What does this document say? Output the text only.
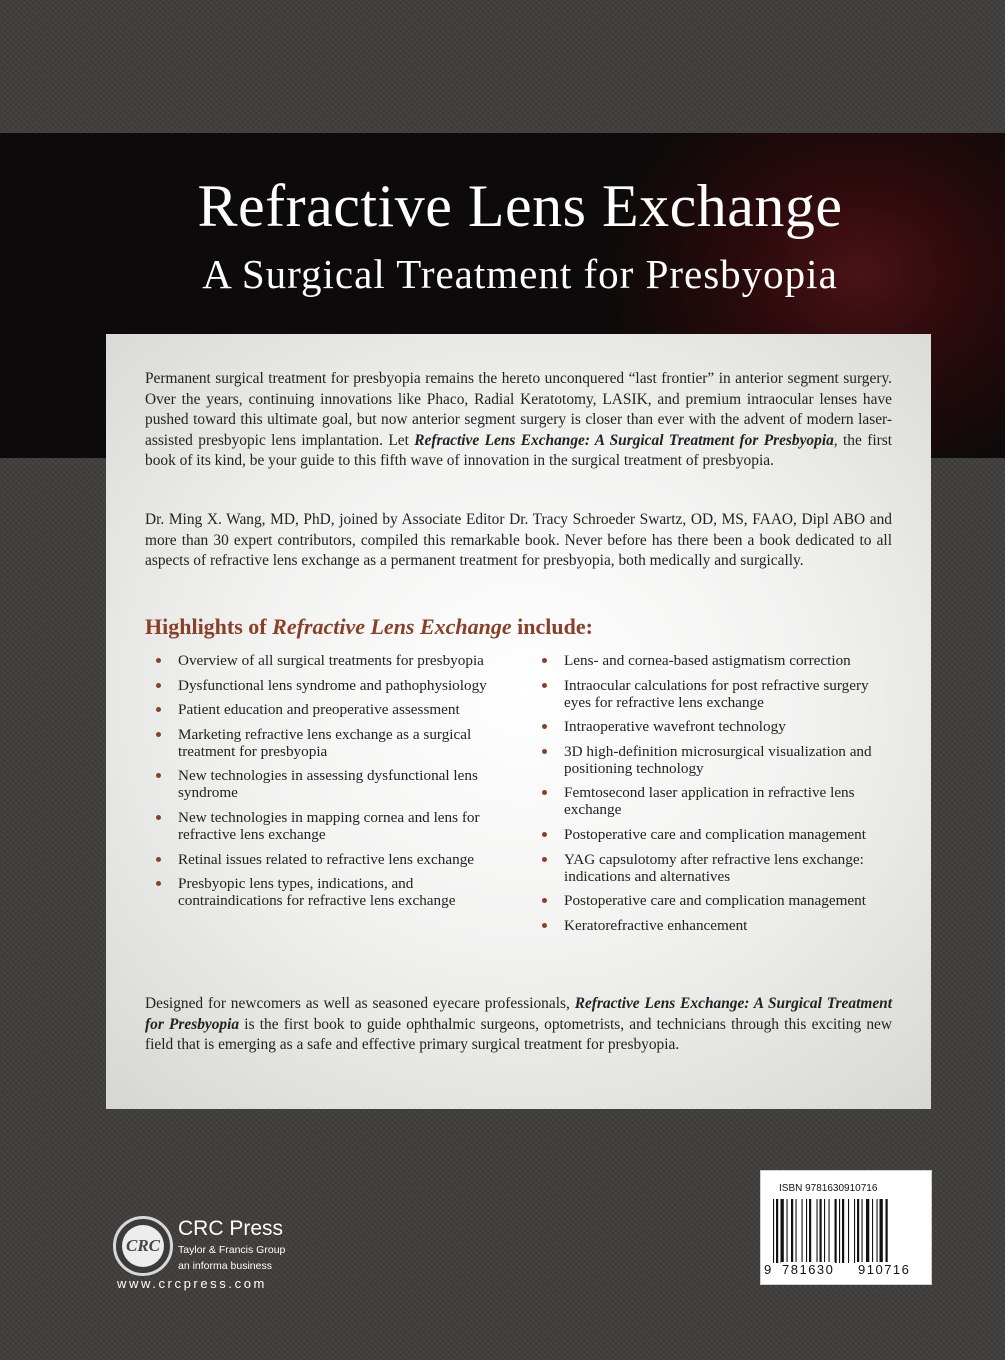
Refractive Lens Exchange
A Surgical Treatment for Presbyopia

Permanent surgical treatment for presbyopia remains the hereto unconquered “last frontier” in anterior segment surgery. Over the years, continuing innovations like Phaco, Radial Keratotomy, LASIK, and premium intraocular lenses have pushed toward this ultimate goal, but now anterior segment surgery is closer than ever with the advent of modern laser-assisted presbyopic lens implantation. Let Refractive Lens Exchange: A Surgical Treatment for Presbyopia, the first book of its kind, be your guide to this fifth wave of innovation in the surgical treatment of presbyopia.

Dr. Ming X. Wang, MD, PhD, joined by Associate Editor Dr. Tracy Schroeder Swartz, OD, MS, FAAO, Dipl ABO and more than 30 expert contributors, compiled this remarkable book. Never before has there been a book dedicated to all aspects of refractive lens exchange as a permanent treatment for presbyopia, both medically and surgically.

Highlights of Refractive Lens Exchange include:
Overview of all surgical treatments for presbyopia
Dysfunctional lens syndrome and pathophysiology
Patient education and preoperative assessment
Marketing refractive lens exchange as a surgical treatment for presbyopia
New technologies in assessing dysfunctional lens syndrome
New technologies in mapping cornea and lens for refractive lens exchange
Retinal issues related to refractive lens exchange
Presbyopic lens types, indications, and contraindications for refractive lens exchange
Lens- and cornea-based astigmatism correction
Intraocular calculations for post refractive surgery eyes for refractive lens exchange
Intraoperative wavefront technology
3D high-definition microsurgical visualization and positioning technology
Femtosecond laser application in refractive lens exchange
Postoperative care and complication management
YAG capsulotomy after refractive lens exchange: indications and alternatives
Postoperative care and complication management
Keratorefractive enhancement

Designed for newcomers as well as seasoned eyecare professionals, Refractive Lens Exchange: A Surgical Treatment for Presbyopia is the first book to guide ophthalmic surgeons, optometrists, and technicians through this exciting new field that is emerging as a safe and effective primary surgical treatment for presbyopia.

CRC
CRC Press
Taylor & Francis Group
an informa business
www.crcpress.com
ISBN 9781630910716
9 781630 910716
